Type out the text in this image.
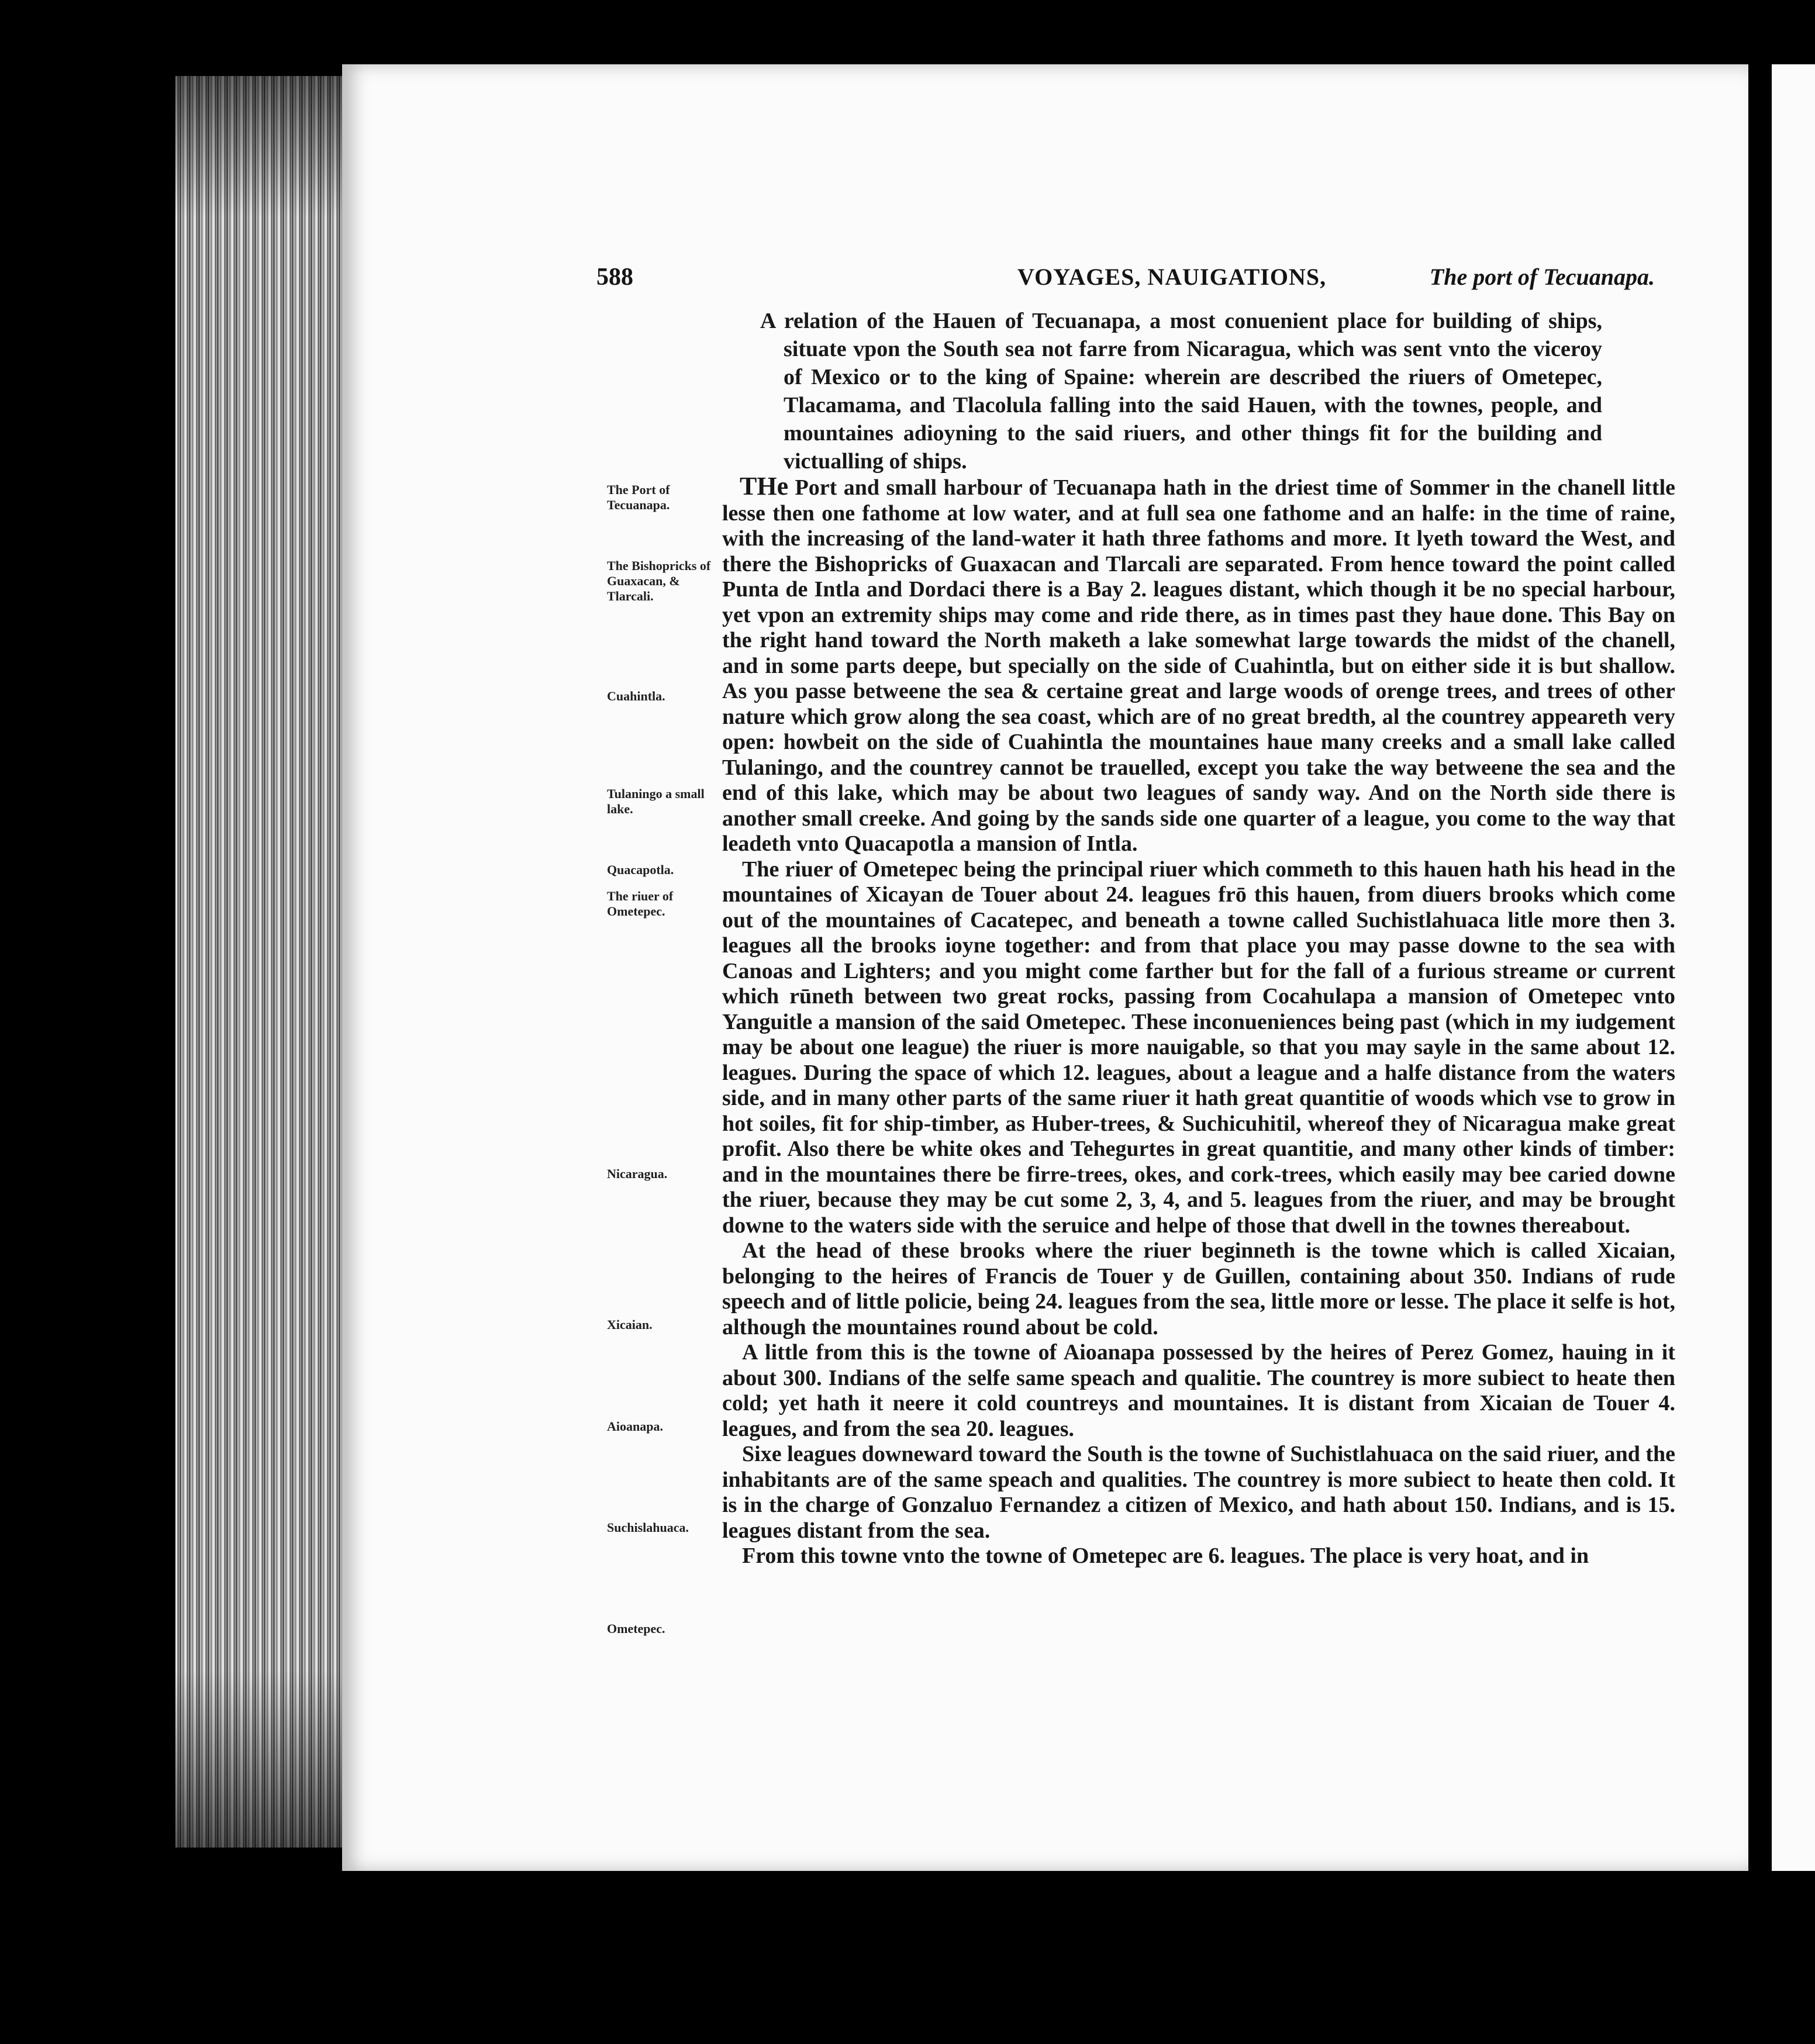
588	VOYAGES, NAUIGATIONS,	The port of Tecuanapa.
A relation of the Hauen of Tecuanapa, a most conuenient place for building of ships, situate vpon the South sea not farre from Nicaragua, which was sent vnto the viceroy of Mexico or to the king of Spaine: wherein are described the riuers of Ometepec, Tlacamama, and Tlacolula falling into the said Hauen, with the townes, people, and mountaines adioyning to the said riuers, and other things fit for the building and victualling of ships.
The Port of Tecuanapa.
The Bishopricks of Guaxacan, & Tlarcali.
Cuahintla.
Tulaningo a small lake.
Quacapotla.
The riuer of Ometepec.
Nicaragua.
Xicaian.
Aioanapa.
Suchislahuaca.
Ometepec.

THe Port and small harbour of Tecuanapa hath in the driest time of Sommer in the chanell little lesse then one fathome at low water, and at full sea one fathome and an halfe: in the time of raine, with the increasing of the land-water it hath three fathoms and more. It lyeth toward the West, and there the Bishopricks of Guaxacan and Tlarcali are separated. From hence toward the point called Punta de Intla and Dordaci there is a Bay 2. leagues distant, which though it be no special harbour, yet vpon an extremity ships may come and ride there, as in times past they haue done. This Bay on the right hand toward the North maketh a lake somewhat large towards the midst of the chanell, and in some parts deepe, but specially on the side of Cuahintla, but on either side it is but shallow. As you passe betweene the sea & certaine great and large woods of orenge trees, and trees of other nature which grow along the sea coast, which are of no great bredth, al the countrey appeareth very open: howbeit on the side of Cuahintla the mountaines haue many creeks and a small lake called Tulaningo, and the countrey cannot be trauelled, except you take the way betweene the sea and the end of this lake, which may be about two leagues of sandy way. And on the North side there is another small creeke. And going by the sands side one quarter of a league, you come to the way that leadeth vnto Quacapotla a mansion of Intla.

The riuer of Ometepec being the principal riuer which commeth to this hauen hath his head in the mountaines of Xicayan de Touer about 24. leagues frō this hauen, from diuers brooks which come out of the mountaines of Cacatepec, and beneath a towne called Suchistlahuaca litle more then 3. leagues all the brooks ioyne together: and from that place you may passe downe to the sea with Canoas and Lighters; and you might come farther but for the fall of a furious streame or current which rūneth between two great rocks, passing from Cocahulapa a mansion of Ometepec vnto Yanguitle a mansion of the said Ometepec. These inconueniences being past (which in my iudgement may be about one league) the riuer is more nauigable, so that you may sayle in the same about 12. leagues. During the space of which 12. leagues, about a league and a halfe distance from the waters side, and in many other parts of the same riuer it hath great quantitie of woods which vse to grow in hot soiles, fit for ship-timber, as Huber-trees, & Suchicuhitil, whereof they of Nicaragua make great profit. Also there be white okes and Tehegurtes in great quantitie, and many other kinds of timber: and in the mountaines there be firre-trees, okes, and cork-trees, which easily may bee caried downe the riuer, because they may be cut some 2, 3, 4, and 5. leagues from the riuer, and may be brought downe to the waters side with the seruice and helpe of those that dwell in the townes thereabout.

At the head of these brooks where the riuer beginneth is the towne which is called Xicaian, belonging to the heires of Francis de Touer y de Guillen, containing about 350. Indians of rude speech and of little policie, being 24. leagues from the sea, little more or lesse. The place it selfe is hot, although the mountaines round about be cold.

A little from this is the towne of Aioanapa possessed by the heires of Perez Gomez, hauing in it about 300. Indians of the selfe same speach and qualitie. The countrey is more subiect to heate then cold; yet hath it neere it cold countreys and mountaines. It is distant from Xicaian de Touer 4. leagues, and from the sea 20. leagues.

Sixe leagues downeward toward the South is the towne of Suchistlahuaca on the said riuer, and the inhabitants are of the same speach and qualities. The countrey is more subiect to heate then cold. It is in the charge of Gonzaluo Fernandez a citizen of Mexico, and hath about 150. Indians, and is 15. leagues distant from the sea.

From this towne vnto the towne of Ometepec are 6. leagues. The place is very hoat, and in
